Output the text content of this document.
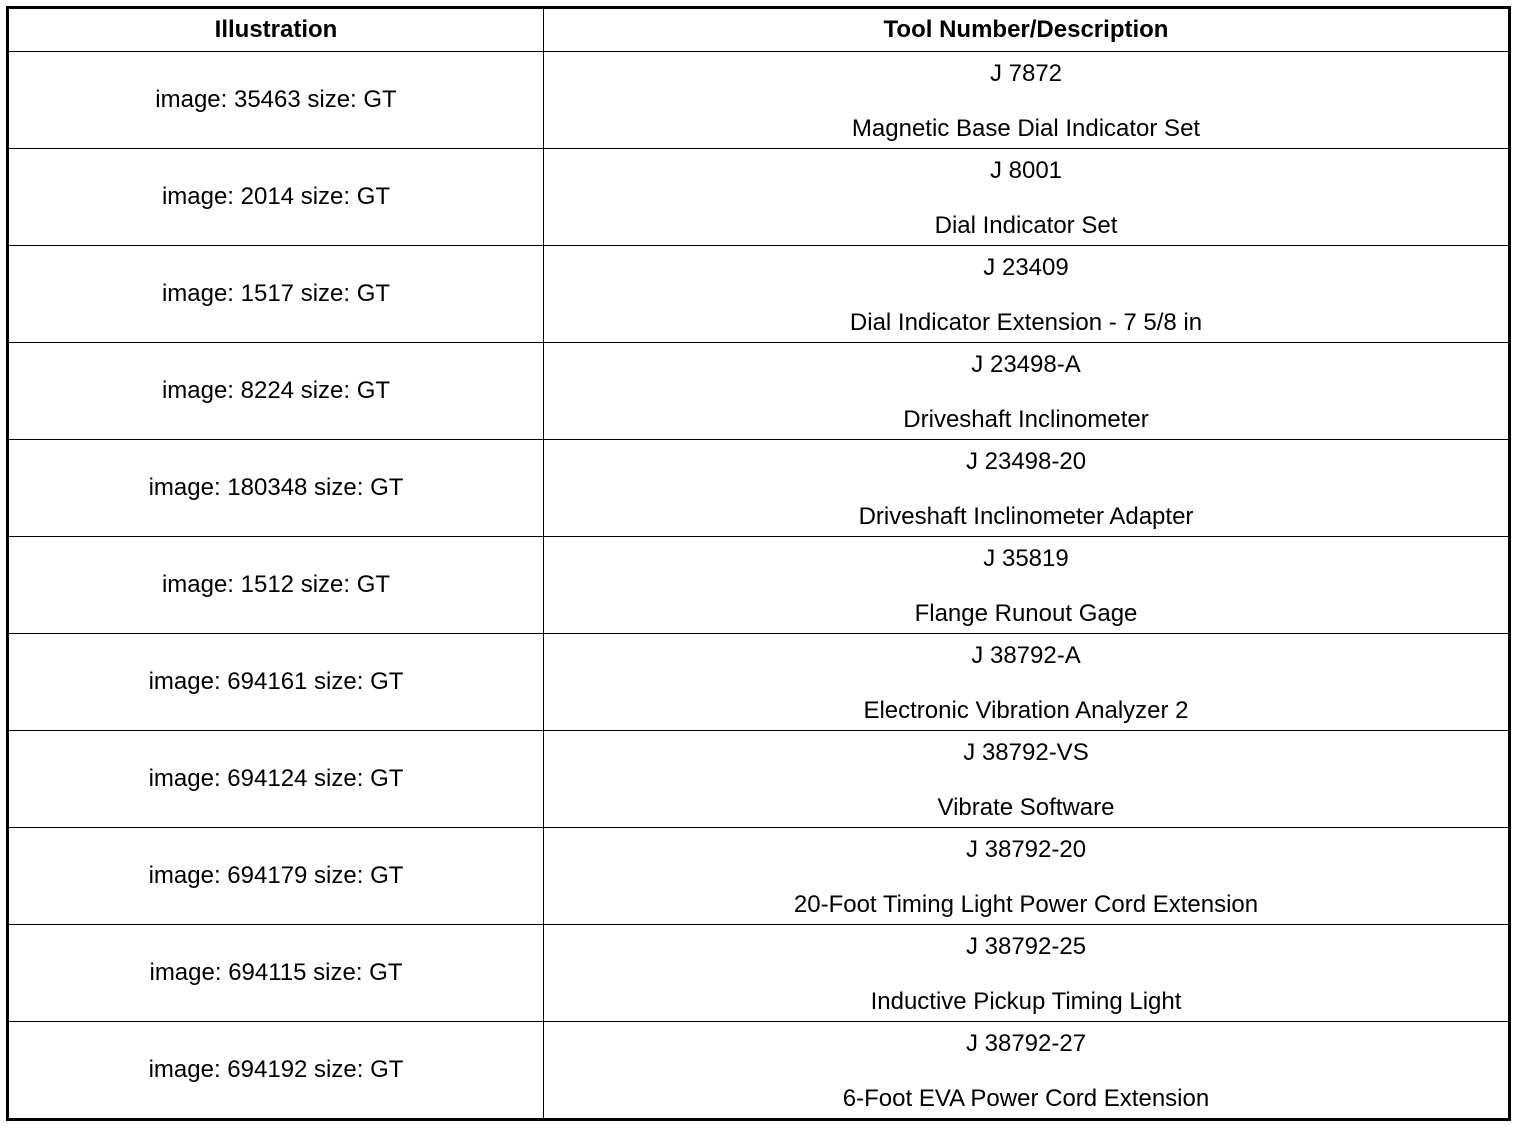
Illustration	Tool Number/Description
image: 35463 size: GT	J 7872
Magnetic Base Dial Indicator Set

image: 2014 size: GT	J 8001
Dial Indicator Set

image: 1517 size: GT	J 23409
Dial Indicator Extension - 7 5/8 in

image: 8224 size: GT	J 23498-A
Driveshaft Inclinometer

image: 180348 size: GT	J 23498-20
Driveshaft Inclinometer Adapter

image: 1512 size: GT	J 35819
Flange Runout Gage

image: 694161 size: GT	J 38792-A
Electronic Vibration Analyzer 2

image: 694124 size: GT	J 38792-VS
Vibrate Software

image: 694179 size: GT	J 38792-20
20-Foot Timing Light Power Cord Extension

image: 694115 size: GT	J 38792-25
Inductive Pickup Timing Light

image: 694192 size: GT	J 38792-27
6-Foot EVA Power Cord Extension
